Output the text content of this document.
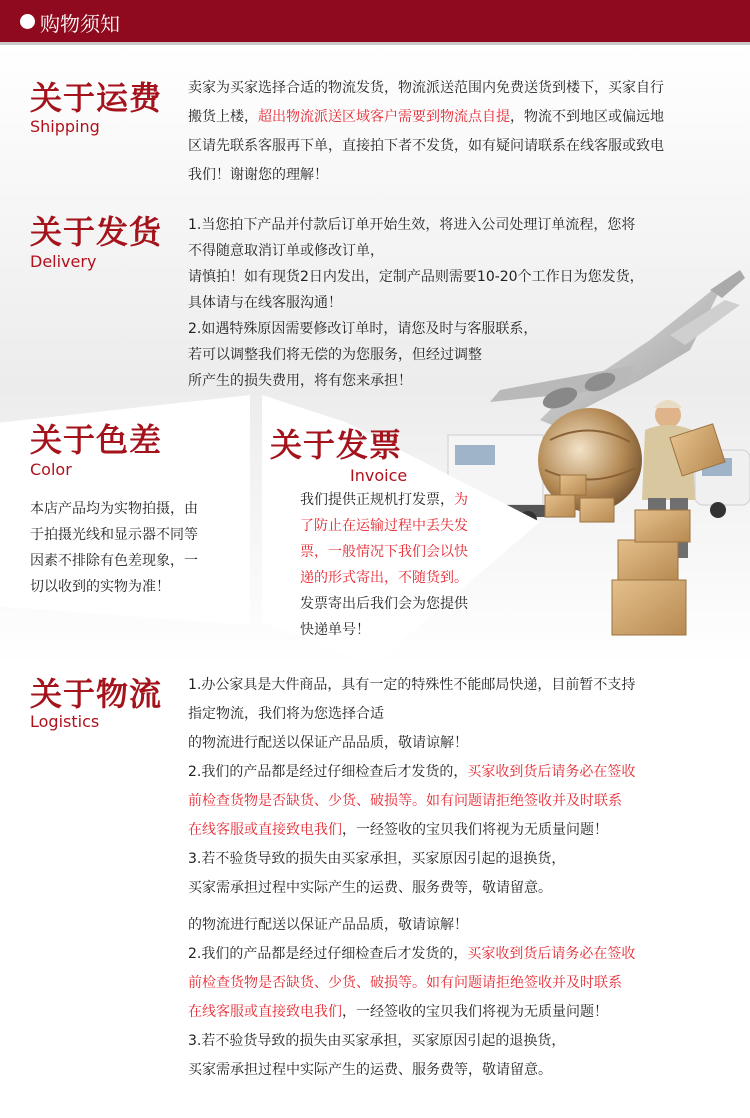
购物须知
关于运费
Shipping
卖家为买家选择合适的物流发货，物流派送范围内免费送货到楼下，买家自行
搬货上楼，超出物流派送区域客户需要到物流点自提，物流不到地区或偏远地
区请先联系客服再下单，直接拍下者不发货，如有疑问请联系在线客服或致电
我们！谢谢您的理解！
关于发货
Delivery
1.当您拍下产品并付款后订单开始生效，将进入公司处理订单流程，您将
不得随意取消订单或修改订单，
请慎拍！如有现货2日内发出，定制产品则需要10-20个工作日为您发货，
具体请与在线客服沟通！
2.如遇特殊原因需要修改订单时，请您及时与客服联系，
若可以调整我们将无偿的为您服务，但经过调整
所产生的损失费用，将有您来承担！
关于色差
Color
本店产品均为实物拍摄，由
于拍摄光线和显示器不同等
因素不排除有色差现象，一
切以收到的实物为准！
关于发票
Invoice
我们提供正规机打发票，为
了防止在运输过程中丢失发
票，一般情况下我们会以快
递的形式寄出，不随货到。
发票寄出后我们会为您提供
快递单号！
关于物流
Logistics
1.办公家具是大件商品，具有一定的特殊性不能邮局快递，目前暂不支持
指定物流，我们将为您选择合适
的物流进行配送以保证产品品质，敬请谅解！
2.我们的产品都是经过仔细检查后才发货的，买家收到货后请务必在签收
前检查货物是否缺货、少货、破损等。如有问题请拒绝签收并及时联系
在线客服或直接致电我们，一经签收的宝贝我们将视为无质量问题！
3.若不验货导致的损失由买家承担，买家原因引起的退换货，
买家需承担过程中实际产生的运费、服务费等，敬请留意。
的物流进行配送以保证产品品质，敬请谅解！
2.我们的产品都是经过仔细检查后才发货的，买家收到货后请务必在签收
前检查货物是否缺货、少货、破损等。如有问题请拒绝签收并及时联系
在线客服或直接致电我们，一经签收的宝贝我们将视为无质量问题！
3.若不验货导致的损失由买家承担，买家原因引起的退换货，
买家需承担过程中实际产生的运费、服务费等，敬请留意。
